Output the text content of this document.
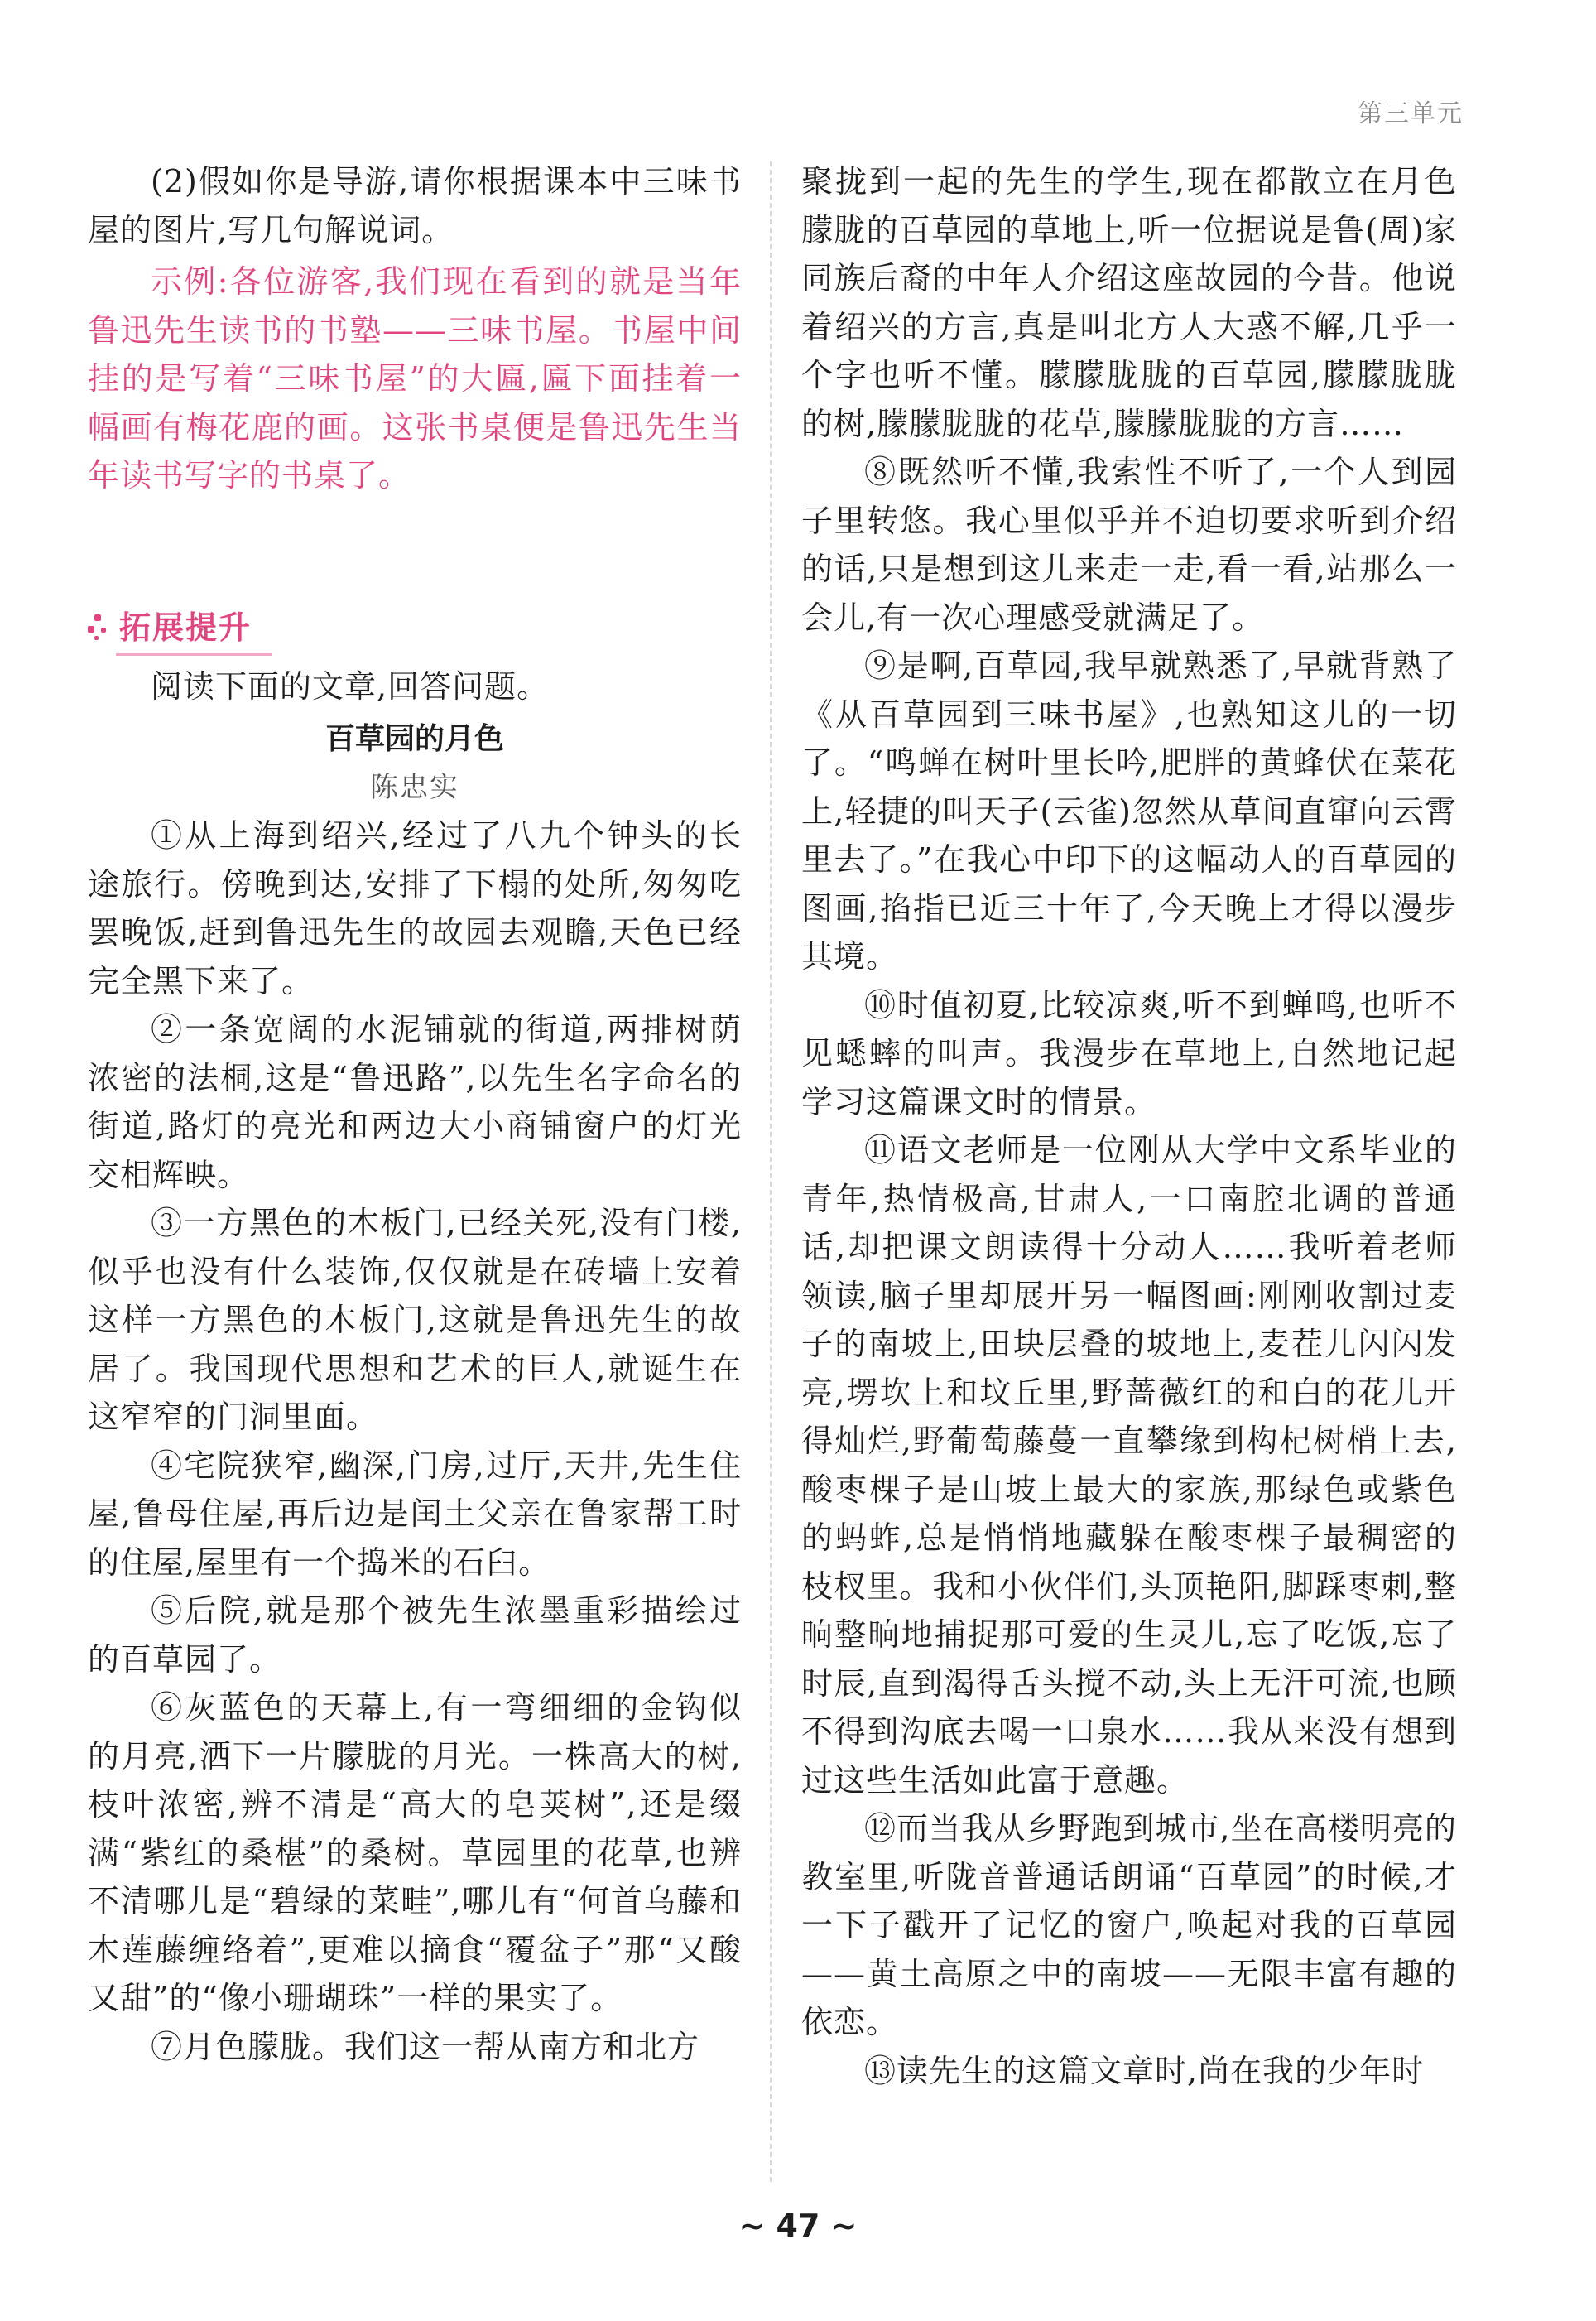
第三单元

(2)假如你是导游,请你根据课本中三味书屋的图片,写几句解说词。

示例:各位游客,我们现在看到的就是当年鲁迅先生读书的书塾——三味书屋。书屋中间挂的是写着“三味书屋”的大匾,匾下面挂着一幅画有梅花鹿的画。这张书桌便是鲁迅先生当年读书写字的书桌了。

拓展提升

阅读下面的文章,回答问题。

百草园的月色

陈忠实

①从上海到绍兴,经过了八九个钟头的长途旅行。傍晚到达,安排了下榻的处所,匆匆吃罢晚饭,赶到鲁迅先生的故园去观瞻,天色已经完全黑下来了。

②一条宽阔的水泥铺就的街道,两排树荫浓密的法桐,这是“鲁迅路”,以先生名字命名的街道,路灯的亮光和两边大小商铺窗户的灯光交相辉映。

③一方黑色的木板门,已经关死,没有门楼,似乎也没有什么装饰,仅仅就是在砖墙上安着这样一方黑色的木板门,这就是鲁迅先生的故居了。我国现代思想和艺术的巨人,就诞生在这窄窄的门洞里面。

④宅院狭窄,幽深,门房,过厅,天井,先生住屋,鲁母住屋,再后边是闰土父亲在鲁家帮工时的住屋,屋里有一个捣米的石臼。

⑤后院,就是那个被先生浓墨重彩描绘过的百草园了。

⑥灰蓝色的天幕上,有一弯细细的金钩似的月亮,洒下一片朦胧的月光。一株高大的树,枝叶浓密,辨不清是“高大的皂荚树”,还是缀满“紫红的桑椹”的桑树。草园里的花草,也辨不清哪儿是“碧绿的菜畦”,哪儿有“何首乌藤和木莲藤缠络着”,更难以摘食“覆盆子”那“又酸又甜”的“像小珊瑚珠”一样的果实了。

⑦月色朦胧。我们这一帮从南方和北方

聚拢到一起的先生的学生,现在都散立在月色朦胧的百草园的草地上,听一位据说是鲁(周)家同族后裔的中年人介绍这座故园的今昔。他说着绍兴的方言,真是叫北方人大惑不解,几乎一个字也听不懂。朦朦胧胧的百草园,朦朦胧胧的树,朦朦胧胧的花草,朦朦胧胧的方言……

⑧既然听不懂,我索性不听了,一个人到园子里转悠。我心里似乎并不迫切要求听到介绍的话,只是想到这儿来走一走,看一看,站那么一会儿,有一次心理感受就满足了。

⑨是啊,百草园,我早就熟悉了,早就背熟了《从百草园到三味书屋》,也熟知这儿的一切了。“鸣蝉在树叶里长吟,肥胖的黄蜂伏在菜花上,轻捷的叫天子(云雀)忽然从草间直窜向云霄里去了。”在我心中印下的这幅动人的百草园的图画,掐指已近三十年了,今天晚上才得以漫步其境。

⑩时值初夏,比较凉爽,听不到蝉鸣,也听不见蟋蟀的叫声。我漫步在草地上,自然地记起学习这篇课文时的情景。

⑪语文老师是一位刚从大学中文系毕业的青年,热情极高,甘肃人,一口南腔北调的普通话,却把课文朗读得十分动人……我听着老师领读,脑子里却展开另一幅图画:刚刚收割过麦子的南坡上,田块层叠的坡地上,麦茬儿闪闪发亮,塄坎上和坟丘里,野蔷薇红的和白的花儿开得灿烂,野葡萄藤蔓一直攀缘到构杞树梢上去,酸枣棵子是山坡上最大的家族,那绿色或紫色的蚂蚱,总是悄悄地藏躲在酸枣棵子最稠密的枝杈里。我和小伙伴们,头顶艳阳,脚踩枣刺,整晌整晌地捕捉那可爱的生灵儿,忘了吃饭,忘了时辰,直到渴得舌头搅不动,头上无汗可流,也顾不得到沟底去喝一口泉水……我从来没有想到过这些生活如此富于意趣。

⑫而当我从乡野跑到城市,坐在高楼明亮的教室里,听陇音普通话朗诵“百草园”的时候,才一下子戳开了记忆的窗户,唤起对我的百草园——黄土高原之中的南坡——无限丰富有趣的依恋。

⑬读先生的这篇文章时,尚在我的少年时

~ 47 ~
